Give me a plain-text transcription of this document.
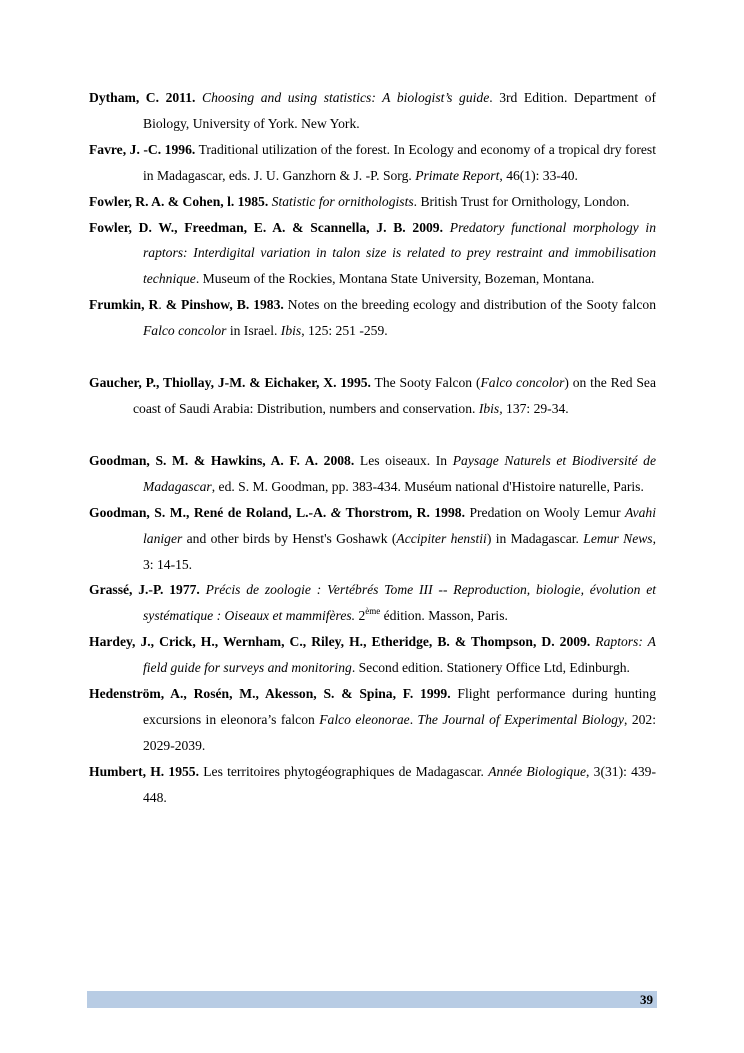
Dytham, C. 2011. Choosing and using statistics: A biologist’s guide. 3rd Edition. Department of Biology, University of York. New York.

Favre, J. -C. 1996. Traditional utilization of the forest. In Ecology and economy of a tropical dry forest in Madagascar, eds. J. U. Ganzhorn & J. -P. Sorg. Primate Report, 46(1): 33-40.

Fowler, R. A. & Cohen, l. 1985. Statistic for ornithologists. British Trust for Ornithology, London.

Fowler, D. W., Freedman, E. A. & Scannella, J. B. 2009. Predatory functional morphology in raptors: Interdigital variation in talon size is related to prey restraint and immobilisation technique. Museum of the Rockies, Montana State University, Bozeman, Montana.

Frumkin, R. & Pinshow, B. 1983. Notes on the breeding ecology and distribution of the Sooty falcon Falco concolor in Israel. Ibis, 125: 251 -259.

Gaucher, P., Thiollay, J-M. & Eichaker, X. 1995. The Sooty Falcon (Falco concolor) on the Red Sea coast of Saudi Arabia: Distribution, numbers and conservation. Ibis, 137: 29-34.

Goodman, S. M. & Hawkins, A. F. A. 2008. Les oiseaux. In Paysage Naturels et Biodiversité de Madagascar, ed. S. M. Goodman, pp. 383-434. Muséum national d'Histoire naturelle, Paris.

Goodman, S. M., René de Roland, L.-A. & Thorstrom, R. 1998. Predation on Wooly Lemur Avahi laniger and other birds by Henst's Goshawk (Accipiter henstii) in Madagascar. Lemur News, 3: 14-15.

Grassé, J.-P. 1977. Précis de zoologie : Vertébrés Tome III -- Reproduction, biologie, évolution et systématique : Oiseaux et mammifères. 2ème édition. Masson, Paris.

Hardey, J., Crick, H., Wernham, C., Riley, H., Etheridge, B. & Thompson, D. 2009. Raptors: A field guide for surveys and monitoring. Second edition. Stationery Office Ltd, Edinburgh.

Hedenström, A., Rosén, M., Akesson, S. & Spina, F. 1999. Flight performance during hunting excursions in eleonora’s falcon Falco eleonorae. The Journal of Experimental Biology, 202: 2029-2039.

Humbert, H. 1955. Les territoires phytogéographiques de Madagascar. Année Biologique, 3(31): 439-448.

39
